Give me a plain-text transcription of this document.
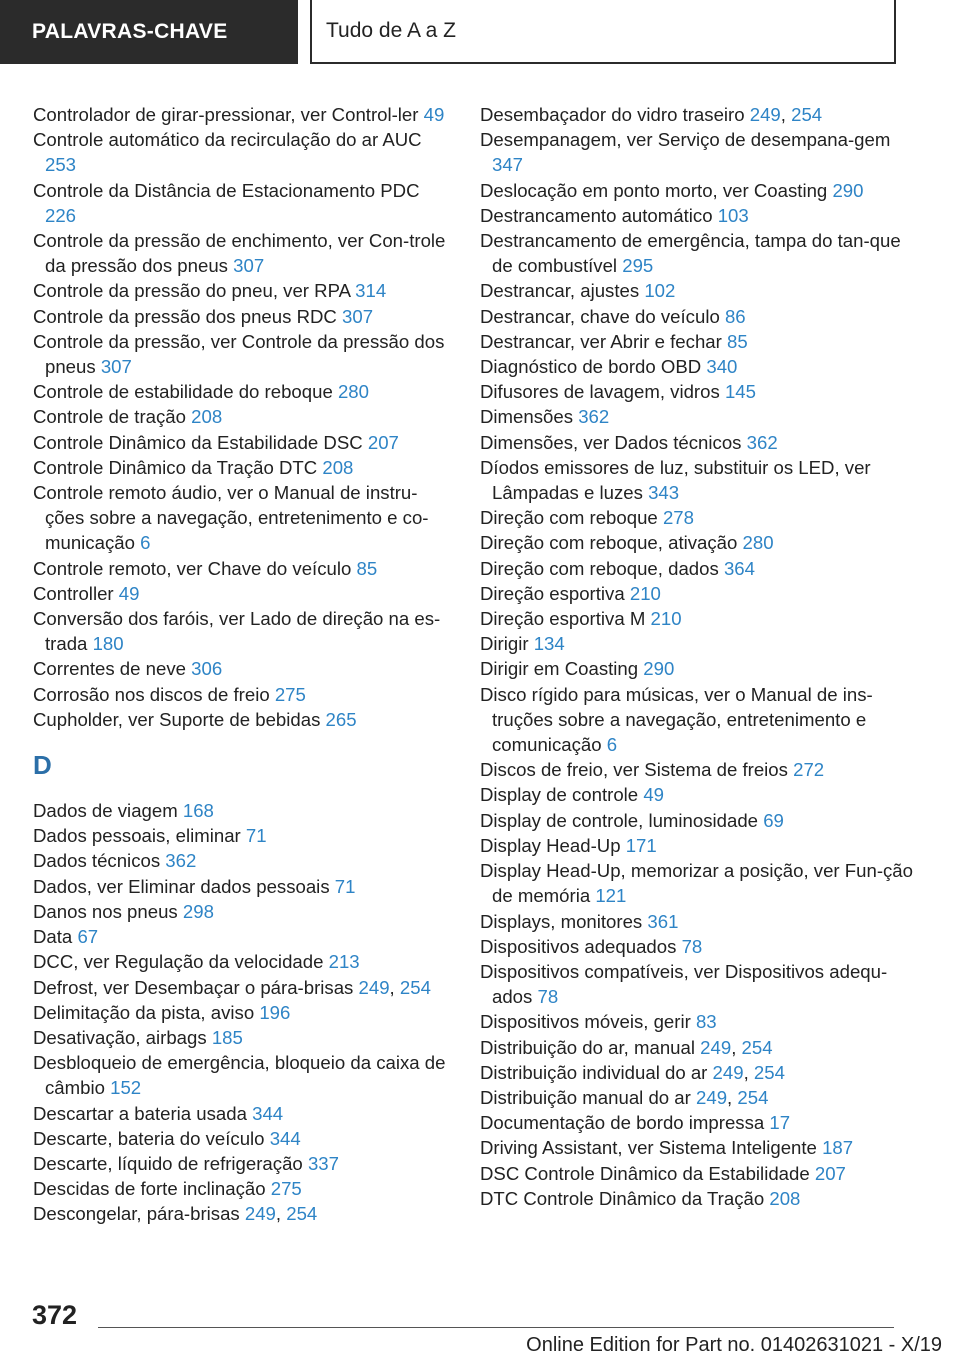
PALAVRAS-CHAVE	Tudo de A a Z
Controlador de girar-pressionar, ver Control‐ler 49
Controle automático da recirculação do ar AUC 253
Controle da Distância de Estacionamento PDC 226
Controle da pressão de enchimento, ver Con‐trole da pressão dos pneus 307
Controle da pressão do pneu, ver RPA 314
Controle da pressão dos pneus RDC 307
Controle da pressão, ver Controle da pressão dos pneus 307
Controle de estabilidade do reboque 280
Controle de tração 208
Controle Dinâmico da Estabilidade DSC 207
Controle Dinâmico da Tração DTC 208
Controle remoto áudio, ver o Manual de instru‐ções sobre a navegação, entretenimento e co‐municação 6
Controle remoto, ver Chave do veículo 85
Controller 49
Conversão dos faróis, ver Lado de direção na es‐trada 180
Correntes de neve 306
Corrosão nos discos de freio 275
Cupholder, ver Suporte de bebidas 265
D
Dados de viagem 168
Dados pessoais, eliminar 71
Dados técnicos 362
Dados, ver Eliminar dados pessoais 71
Danos nos pneus 298
Data 67
DCC, ver Regulação da velocidade 213
Defrost, ver Desembaçar o pára-brisas 249, 254
Delimitação da pista, aviso 196
Desativação, airbags 185
Desbloqueio de emergência, bloqueio da caixa de câmbio 152
Descartar a bateria usada 344
Descarte, bateria do veículo 344
Descarte, líquido de refrigeração 337
Descidas de forte inclinação 275
Descongelar, pára-brisas 249, 254
Desembaçador do vidro traseiro 249, 254
Desempanagem, ver Serviço de desempana‐gem 347
Deslocação em ponto morto, ver Coasting 290
Destrancamento automático 103
Destrancamento de emergência, tampa do tan‐que de combustível 295
Destrancar, ajustes 102
Destrancar, chave do veículo 86
Destrancar, ver Abrir e fechar 85
Diagnóstico de bordo OBD 340
Difusores de lavagem, vidros 145
Dimensões 362
Dimensões, ver Dados técnicos 362
Díodos emissores de luz, substituir os LED, ver Lâmpadas e luzes 343
Direção com reboque 278
Direção com reboque, ativação 280
Direção com reboque, dados 364
Direção esportiva 210
Direção esportiva M 210
Dirigir 134
Dirigir em Coasting 290
Disco rígido para músicas, ver o Manual de ins‐truções sobre a navegação, entretenimento e comunicação 6
Discos de freio, ver Sistema de freios 272
Display de controle 49
Display de controle, luminosidade 69
Display Head-Up 171
Display Head-Up, memorizar a posição, ver Fun‐ção de memória 121
Displays, monitores 361
Dispositivos adequados 78
Dispositivos compatíveis, ver Dispositivos adequ‐ados 78
Dispositivos móveis, gerir 83
Distribuição do ar, manual 249, 254
Distribuição individual do ar 249, 254
Distribuição manual do ar 249, 254
Documentação de bordo impressa 17
Driving Assistant, ver Sistema Inteligente 187
DSC Controle Dinâmico da Estabilidade 207
DTC Controle Dinâmico da Tração 208
372
Online Edition for Part no. 01402631021 - X/19
